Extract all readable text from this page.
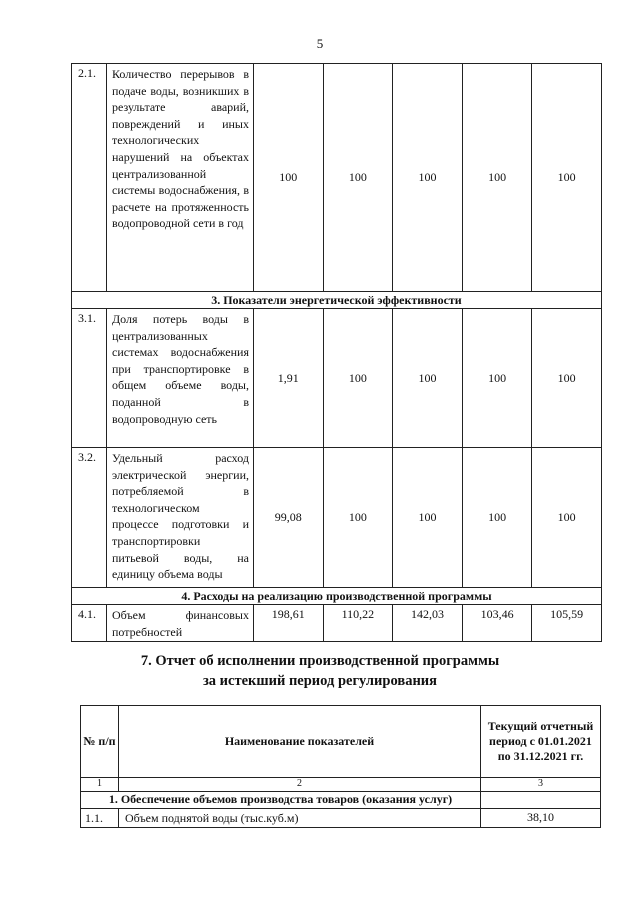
5
2.1.	Количество перерывов в подаче воды, возникших в результате аварий, повреждений и иных технологических нарушений на объектах централизованной системы водоснабжения, в расчете на протяженность водопроводной сети в год	100	100	100	100	100
3. Показатели энергетической эффективности						
3.1.	Доля потерь воды в централизованных системах водоснабжения при транспортировке в общем объеме воды, поданной в водопроводную сеть	1,91	100	100	100	100
3.2.	Удельный расход электрической энергии, потребляемой в технологическом процессе подготовки и транспортировки питьевой воды, на единицу объема воды	99,08	100	100	100	100
4. Расходы на реализацию производственной программы						
4.1.	Объем финансовых потребностей	198,61	110,22	142,03	103,46	105,59
7. Отчет об исполнении производственной программы
за истекший период регулирования
№ п/п	Наименование показателей	Текущий отчетный период с 01.01.2021 по 31.12.2021 гг.
1	2	3
1. Обеспечение объемов производства товаров (оказания услуг)		
1.1.	Объем поднятой воды (тыс.куб.м)	38,10
